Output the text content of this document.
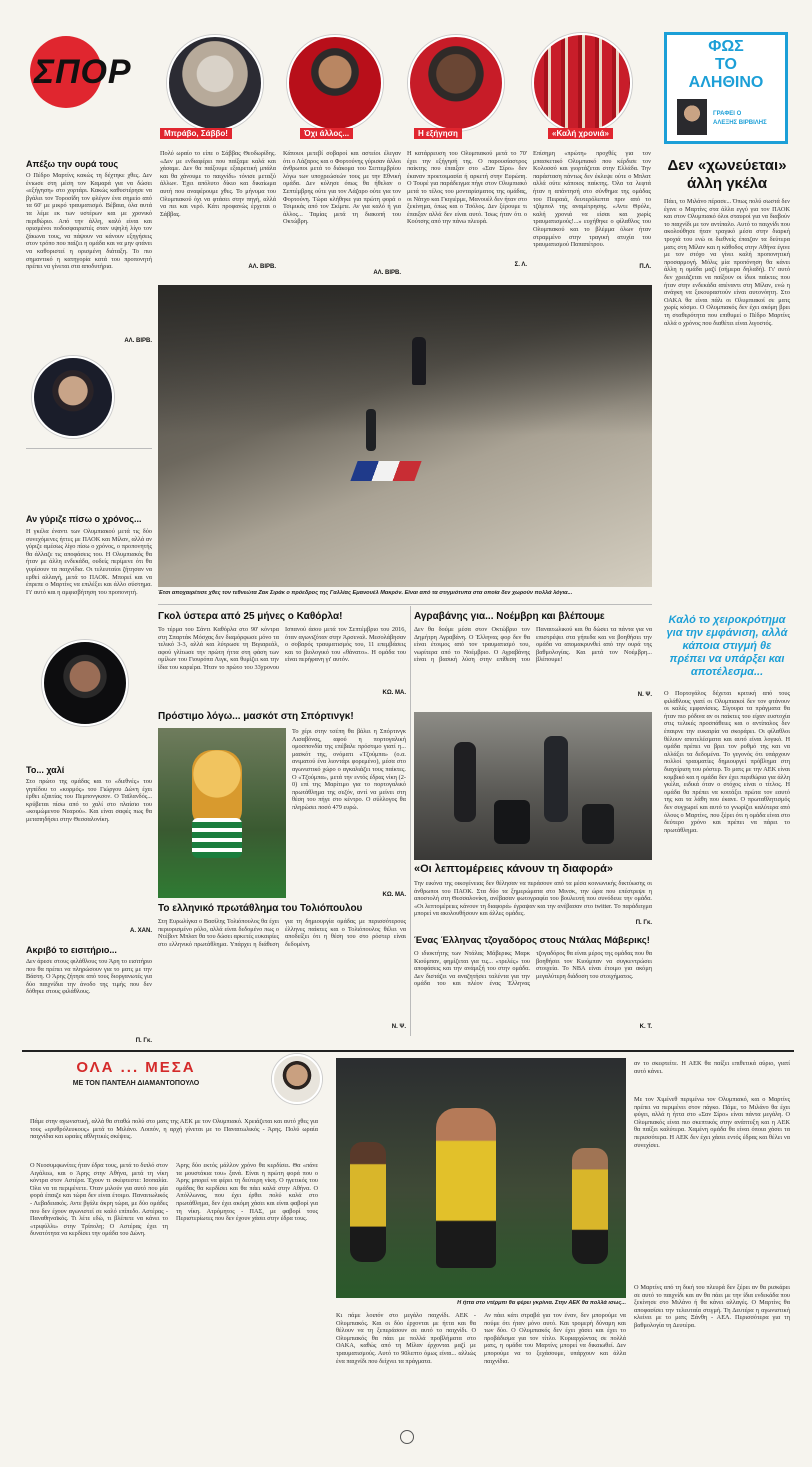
ΣΠΟΡ
Μπράβο, Σάββο!	Όχι άλλος...	Η εξήγηση	«Καλή χρονιά»
ΦΩΣ
ΤΟ
ΑΛΗΘΙΝΟ
ΓΡΑΦΕΙ Ο
ΑΛΕΞΗΣ ΒΙΡΒΙΛΗΣ
Πολύ ωραίο το είπε ο Σάββας Θεοδωρίδης. «Δεν με ενδιαφέρει που παίξαμε καλά και χάσαμε. Δεν θα παίξουμε εξαιρετική μπάλα και θα χάνουμε το παιχνίδι» τόνισε μεταξύ άλλων. Έχει απόλυτο δίκιο και δικαίωμα αυτή που αναφέρουμε χθες. Το μήνυμα του Ολυμπιακού όχι να φτάσει στην πηγή, αλλά να πει και νερό. Κάτι προφανώς έρχεται ο Σάββας.
ΑΛ. ΒΙΡΒ.
Κάποιοι μετεβί σοβαροί και αστείοι έλεγαν ότι ο Λάζαρος και ο Φορτούνης γύρισαν άλλοι άνθρωποι μετά το διάκομα του Σεπτεμβρίου λόγω των υποχρεώσεών τους με την Εθνική ομάδα. Δεν κύλησε όπως θα ήθελαν ο Σεπτέμβρης ούτε για τον Λάζαρο ούτε για τον Φορτούνη. Τώρα κλήθηκε για πρώτη φορά ο Τσιμικάς από τον Σκίμπε. Αν για καλό ή για άλλος... Ταμίας μετά τη διακοπή του Οκτώβρη.
ΑΛ. ΒΙΡΒ.
Η κατάρρευση του Ολυμπιακού μετά το 70' έχει την εξήγησή της. Ο παρουσίαστρος παίκτης που έπαιξαν στο «Σαν Σίρο» δεν έκαναν προετοιμασία ή αρκετή στην Ευρώπη. Ο Τουρέ για παράδειγμα πήγε στον Ολυμπιακό μετά το τέλος του μονταρίσματος της ομάδας, οι Νάτχο και Γκιγιέρμε, Μανουέλ δεν ήταν στο ξεκίνημα, όπως και ο Τσόλος. Δεν ξέρουμε τι έπαιξαν αλλά δεν είναι αυτό. Ίσως ήταν ότι ο Κούτσης από την πάνω πλευρά.
Σ. Λ.
Επίσημη «πρώτη» προχθές για τον μπασκετικό Ολυμπιακό που κέρδισε τον Κολοσσό και γιορτάζεται στην Ελλάδα. Την παράσταση πάντως δεν έκλεψε ούτε ο Μπλατ αλλά ούτε κάποιος παίκτης. Όλα τα λεφτά ήταν η απάντησή στο σύνθημα της ομάδας του Πειραιά, δευτερόλεπτα πριν από το τζάμπολ της αναμέτρησης. «Αντε Θρύλε, καλή χρονιά να είσαι και χωρίς τραυματισμούς!...» ευχήθηκε ο φίλαθλος του Ολυμπιακού και το βλέμμα όλων ήταν στραμμένο στην τραγική ατυχία του τραυματισμού Παπαπέτρου.
Π.Λ.
Απέξω την ουρά τους
Ο Πέδρο Μαρτίνς κακώς τη δέχτηκε χθες. Δεν ένιωσε στη μέση τον Καμαρά για να δώσει «εξήγηση» στο χορτάρι. Κακώς καθυστέρησε να βγάλει τον Τοροσίδη τον φλέγον ένα σημείο από τα 60' με μικρό τραυματισμό. Βέβαια, όλα αυτά τα λέμε εκ των υστέρων και με χρονικό περιθώριο. Από την άλλη, καλό είναι και ορισμένοι ποδοσφαιριστές σταν υψηλή λίγο τον ζάκωνα τους, να πάψουν να κάνουν εξηγήσεις στον τρόπο που παίζει η ομάδα και να μην φτάνει να καθοριστεί η ορισμένη διάταξη. Το πιο σημαντικό η κατηγορία κατά του προπονητή πρέπει να γίνεται στα αποδυτήρια.
ΑΛ. ΒΙΡΒ.
Αν γύριζε πίσω ο χρόνος...
Η γκέλα έναντι των Ολυμπιακού μετά τις δύο συνεχόμενες ήττες με ΠΑΟΚ και Μίλαν, αλλά αν γύριζε αμέσως λίγο πίσω ο χρόνος, ο προπονητής θα άλλαζε τις αποφάσεις του. Η Ολυμπιακός θα ήταν με άλλη ενδεκάδα, ουδείς περίμενε ότι θα γυρίσουν τα παιχνίδια. Οι τελευταίοι ζήτησαν να ερθεί αλλαγή, μετά το ΠΑΟΚ. Μπορεί και να έπρεπε ο Μαρτίνς να επιλέξει και άλλο σύστημα. Γι' αυτό και η αμφισβήτηση του προπονητή.
Το... χαλί
Στο πρώτο της ομάδας και το «διεθνές» του γηπέδου το «κορμός» του Γιώργου Δώνη έχει έρθει εξαιτίας του Πεμπονγκσον. Ο Ταϊλανδός... κρύβεται πίσω από το χαλί στο πλαίσιο του «κοιμώμενου Νεαρού». Και είναι σαφές πως θα μεταπηδήσει στην Θεσσαλονίκη.
Α. ΧΑΝ.
Ακριβό το εισιτήριο...
Δεν άρεσε στους φιλάθλους του Άρη το εισιτήριο που θα πρέπει να πληρώσουν για το ματς με την Βάστη. Ο Άρης ζήτησε από τους διοργανωτές για δύο παιχνίδια την άνοδο της τιμής που δεν δόθηκε στους φιλάθλους.
Π. Γκ.
Έτσι αποχαιρέτισε χθες τον τεθνεώτα Ζακ Σιράκ ο πρόεδρος της Γαλλίας Εμανουέλ Μακρόν. Είναι από τα στιγμιότυπα στα οποία δεν χωρούν πολλά λόγια...
Δεν «χωνεύεται»
άλλη γκέλα
Πάει, το Μιλάνο πέρασε... Όπως πολύ σωστά δεν έγινε ο Μαρτίνς στα άλλα εγγύ για τον ΠΑΟΚ και στον Ολυμπιακό όλοι σταυροί για να διαβούν το παιχνίδι με τον αντίπαλο. Αυτό το παιχνίδι που ακολούθησε ήταν τραγικό μέσα στην διαρκή τροχιά του ενώ οι διεθνείς έπαιζαν τα δεύτερα ματς στη Μίλαν και η κάθοδος στην Αθήνα έγινε με τον στόχο να γίνει καλή προπονητική προσαρμογή. Μόλις μία προπόνηση θα κάνει άλλη η ομάδα μαζί (σήμερα δηλαδή). Γι' αυτό δεν χρειάζεται να παίξουν οι ίδιοι παίκτες που ήταν στην ενδεκάδα απέναντι στη Μίλαν, ενώ η ανάγκη να ξεκουραστούν είναι αυτονόητη. Στο ΟΑΚΑ θα είναι πάλι οι Ολυμπιακοί σε ματς χωρίς κόσμο. Ο Ολυμπιακός δεν έχει ακόμη βρει τη σταθερότητα που επιθυμεί ο Πέδρο Μαρτίνς αλλά ο χρόνος που διαθέτει είναι λιγοστός.
Καλό το χειροκρότημα για την εμφάνιση, αλλά κάποια στιγμή θε πρέπει να υπάρξει και αποτέλεσμα...
Ο Πορτογάλος δέχεται κριτική από τους φιλάθλους γιατί οι Ολυμπιακοί δεν τον φτάνουν οι καλές εμφανίσεις. Σίγουρα τα πράγματα θα ήταν πιο ρόδινα αν οι παίκτες του είχαν ευστοχία στις τελικές προσπάθειες και ο αντίπαλος δεν έπαιρνε την ευκαιρία να σκοράρει. Οι φίλαθλοι θέλουν αποτελέσματα και αυτό είναι λογικό. Η ομάδα πρέπει να βρει τον ρυθμό της και να αλλάξει τα δεδομένα. Το γεγονός ότι υπάρχουν πολλοί τραυματίες δημιουργεί πρόβλημα στη διαχείριση του ρόστερ. Το ματς με την ΑΕΚ είναι κομβικό και η ομάδα δεν έχει περιθώρια για άλλη γκέλα, ειδικά όταν ο στόχος είναι ο τίτλος. Η ομάδα θα πρέπει να κοιτάξει πρώτα τον εαυτό της και τα λάθη που έκανε. Ο πρωταθλητισμός δεν συγχωρεί και αυτό το γνωρίζει καλύτερα από όλους ο Μαρτίνς, που ξέρει ότι η ομάδα είναι στο δεύτερο χρόνο και πρέπει να πάρει το πρωτάθλημα.
Γκολ ύστερα από 25 μήνες ο Καθόρλα!
Το τέρμα του Σάντι Καθόρλα στο 90' κόντρα στη Σπαρτάκ Μόσχας δεν διαμόρφωσε μόνο τα τελικό 3-3, αλλά και λύτρωσε τη Βιγιαρεάλ, αφού γλίτωσε την πρώτη ήττα στη φάση των ομίλων του Γιουρόπα Λιγκ, και θυμίζει και την ίδια του καριέρα. Ήταν το πρώτο του 33χρονου Ισπανού άσου μετά τον Σεπτέμβριο του 2016, όταν αγωνιζόταν στην Άρσεναλ. Μεσολάβησαν ο σοβαρός τραυματισμός του, 11 επεμβάσεις και το βιολογικό του «θάνατο». Η ομάδα του είναι περήφανη γι' αυτόν.
ΚΩ. ΜΑ.
Πρόστιμο λόγω... μασκότ στη Σπόρτινγκ!
Το χέρι στην τσέπη θα βάλει η Σπόρτινγκ Λισαβόνας, αφού η πορτογαλική ομοσπονδία της επέβαλε πρόστιμο γιατί η... μασκότ της, ονόματι «Τζούμπα» (ο.α. ανιματού ένα λιοντάρι φορεμένο), μέσα στο αγωνιστικό χώρο ο αγκαλιάζει τους παίκτες. Ο «Τζούμπα», μετά την εντός έδρας νίκη (2-0) επί της Μαρίτιμο για το πορτογαλικό πρωτάθλημα της σεζόν, αντί να μείνει στη θέση του πήγε στο κέντρο. Ο σύλλογος θα πληρώσει ποσό 479 ευρώ.
ΚΩ. ΜΑ.
Το ελληνικό πρωτάθλημα του Τολιόπουλου
Στη Ευρωλίγκα ο Βασίλης Τολιόπουλος θα έχει περιορισμένο ρόλο, αλλά είναι δεδομένο πως ο Ντέβιντ Μπλατ θα του δώσει αρκετές ευκαιρίες στο ελληνικό πρωτάθλημα. Υπάρχει η διάθεση για τη δημιουργία ομάδας με περισσότερους έλληνες παίκτες και ο Τολιόπουλος θέλει να αποδείξει ότι η θέση του στο ρόστερ είναι δεδομένη.
Ν. Ψ.
Αγραβάνης για... Νοέμβρη και βλέπουμε
Δεν θα δούμε μέσα στον Οκτώβριο τον Δημήτρη Αγραβάνη. Ο Έλληνας φορ δεν θα είναι έτοιμος από τον τραυματισμό του, νωρίτερα από το Νοέμβριο. Ο Αγραβάνης είναι η βασική λύση στην επίθεση του Παναιτωλικού και θα δώσει τα πάντα για να επιστρέψει στα γήπεδα και να βοηθήσει την ομάδα να απομακρυνθεί από την ουρά της βαθμολογίας. Και μετά τον Νοέμβρη... βλέπουμε!
Ν. Ψ.
«Οι λεπτομέρειες κάνουν τη διαφορά»
Την εικόνα της οικογένειας δεν θέλησαν να περάσουν από τα μέσα κοινωνικής δικτύωσης οι άνθρωποι του ΠΑΟΚ. Στα δύο τα ξημερώματα στο Μινσκ, την ώρα που επέστρεψε η αποστολή στη Θεσσαλονίκη, ανέβασαν φωτογραφία του βουλευτή που συνόδευε την ομάδα. «Οι λεπτομέρειες κάνουν τη διαφορά» έγραψαν και την ανέβασαν στο twitter. Το παράδειγμα μπορεί να ακολουθήσουν και άλλες ομάδες.
Π. Γκ.
Ένας Έλληνας τζογαδόρος στους Ντάλας Μάβερικς!
Ο ιδιοκτήτης των Ντάλας Μάβερικς Μαρκ Κιούμπαν, φημίζεται για τις... «τρελές» του αποφάσεις και την ανάμιξή του στην ομάδα. Δεν διστάζει να αναζητήσει ταλέντα για την ομάδα του και πλέον ένας Έλληνας τζογαδόρος θα είναι μέρος της ομάδας που θα βοηθήσει τον Κιούμπαν να συγκεντρώσει στοιχεία. Το ΝΒΑ είναι έτοιμο για ακόμη μεγαλύτερη διάδοση του στοιχήματος.
Κ. Τ.
ΟΛΑ ... ΜΕΣΑ
ΜΕ ΤΟΝ ΠΑΝΤΕΛΗ ΔΙΑΜΑΝΤΟΠΟΥΛΟ
Πάμε στην αγωνιστική, αλλά θα σταθώ πολύ στο ματς της ΑΕΚ με τον Ολυμπιακό. Χρειάζεται και αυτό χθες για τους «ερυθρόλευκους» μετά το Μιλάνο. Λοιπόν, η αρχή γίνεται με το Παναιτωλικός - Άρης. Πολύ ωραία παιχνίδια και ωραίες αθλητικές σκέψεις.
Ο Νεοσυμφωνίτες ήταν έδρα τους, μετά το διπλό στον Αιγάλεω, και ο Άρης στην Αθήνα, μετά τη νίκη κόντρα στον Αστέρα. Έχουν τι σκέφτεστε: Ισοπαλία. Όλα να τα περιμένετε. Όταν μιλούν για αυτό που μία φορά έπαιζε και τώρα δεν είναι έτοιμο. Παναιτωλικός - Λεβαδειακός. Αντε βγάλε άκρη τώρα, με δύο ομάδες που δεν έχουν αγωνιστεί σε καλό επίπεδο. Αστέρας - Παναθηναϊκός. Τι λέτε εδώ, τι βλέπετε να κάνει το «τριφύλλι» στην Τρίπολη; Ο Αστέρας έχει τη δυνατότητα να κερδίσει την ομάδα του Δώνη.
Άρης δύο εκτός μάλλον χρόνο θα κερδίσει. Θα «πάνε τα μουστάκια του» ξανά. Είναι η πρώτη φορά που ο Άρης μπορεί να φέρει τη δεύτερη νίκη. Ο ηγετικός του ομάδας θα κερδίσει και θα πάει καλά στην Αθήνα. Ο Απόλλωνας, που έχει έρθει πολύ καλά στο πρωτάθλημα, δεν έχει ακόμη χάσει και είναι φαβορί για τη νίκη. Ατρόμητος - ΠΑΣ, με φαβορί τους Περιστερίωτες που δεν έχουν χάσει στην έδρα τους.
Η ήττα στο ντέρμπι θα φέρει γκρίνια. Στην ΑΕΚ θα πολλά ισως...
Κι πάμε λοιπόν στο μεγάλο παιχνίδι. ΑΕΚ - Ολυμπιακός. Και οι δύο έρχονται με ήττα και θα θέλουν να τη ξεπεράσουν σε αυτό το παιχνίδι. Ο Ολυμπιακός θα πάει με πολλά προβλήματα στο ΟΑΚΑ, καθώς από τη Μίλαν έρχονται μαζί με τραυματισμούς. Αυτό το 90λεπτο όμως είναι... αλλιώς ένα παιχνίδι που δείχνει τα πράγματα.
Αν πάει κάτι στραβά για τον έναν, δεν μπορούμε να πούμε ότι ήταν μόνο αυτό. Και τρομερή δύναμη και των δύο. Ο Ολυμπιακός δεν έχει χάσει και έχει το προβάδισμα για τον τίτλο. Κυριαρχώντας σε πολλά ματς, η ομάδα του Μαρτίνς μπορεί να δικαιωθεί. Δεν μπορούμε να το ξεχάσουμε, υπάρχουν και άλλα παιχνίδια.
αν το σκεφτείτε. Η ΑΕΚ θα παίξει επιθετικά αύριο, γιατί αυτό κάνει.
Με τον Χιμένεθ περιμένω τον Ολυμπιακό, και ο Μαρτίνς πρέπει να περιμένει στον πάγκο. Πάμε, το Μιλάνο θα έχει φύγει, αλλά η ήττα στο «Σαν Σίρο» είναι πάντα μεγάλη. Ο Ολυμπιακός είναι πιο σκεπτικός στην ανάπτυξη και η ΑΕΚ θα παίξει καλύτερα. Χαμένη ομάδα θα είναι όποια χάσει τα περισσότερα. Η ΑΕΚ δεν έχει χάσει εντός έδρας και θέλει να συνεχίσει.
Ο Μαρτίνς από τη δική του πλευρά δεν ξέρει αν θα ρισκάρει σε αυτό το παιχνίδι και αν θα πάει με την ίδια ενδεκάδα που ξεκίνησε στο Μιλάνο ή θα κάνει αλλαγές. Ο Μαρτίνς θα αποφασίσει την τελευταία στιγμή. Τη Δευτέρα η αγωνιστική κλείνει με το ματς Ξάνθη - ΑΕΛ. Περισσότερα για τη βαθμολογία τη Δευτέρα.
